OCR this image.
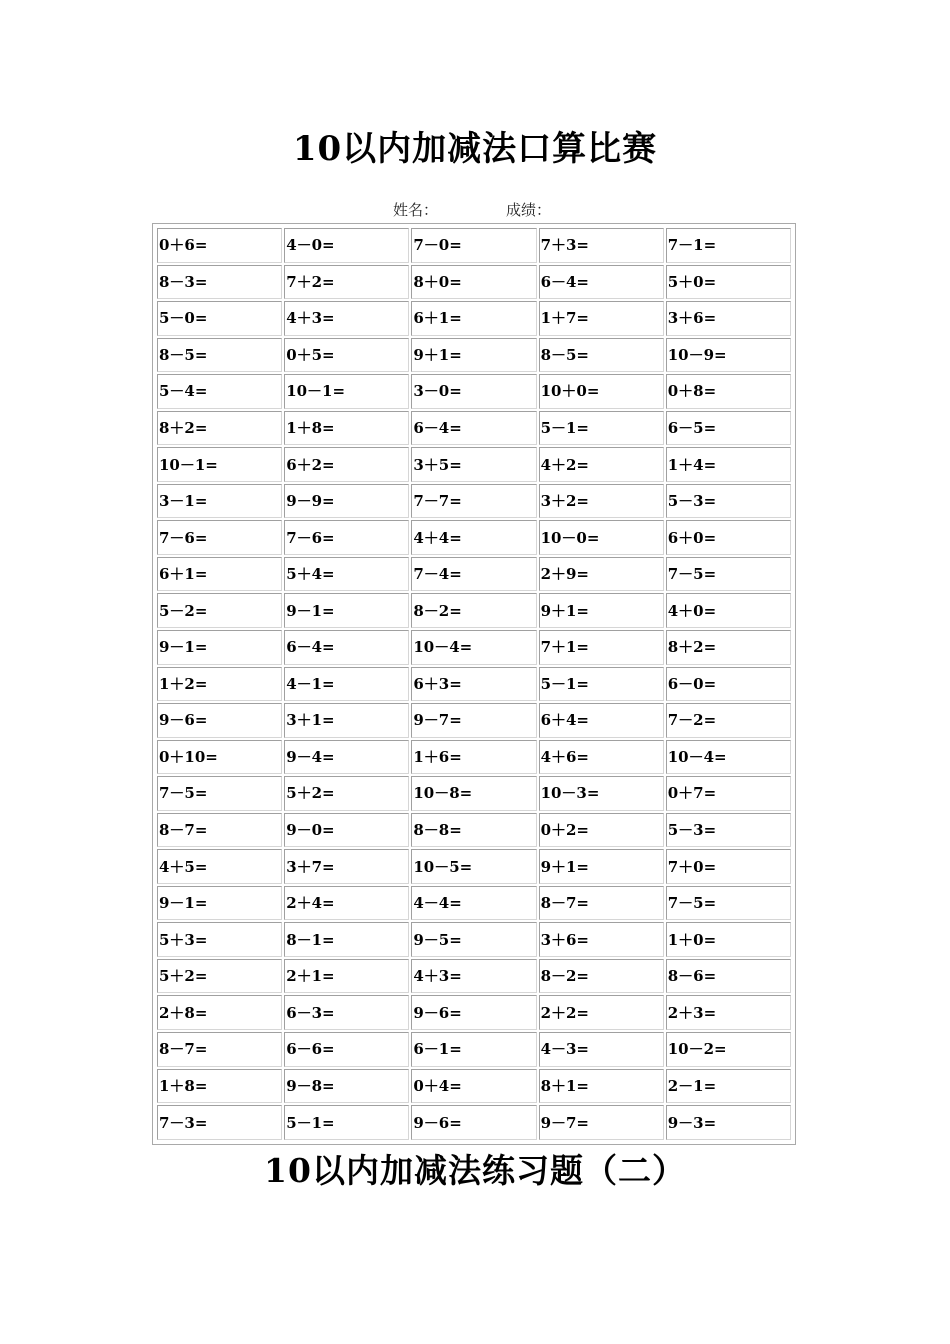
10以内加减法口算比赛
姓名：	成绩：
0＋6=	4－0=	7－0=	7＋3=	7－1=
8－3=	7＋2=	8＋0=	6－4=	5＋0=
5－0=	4＋3=	6＋1=	1＋7=	3＋6=
8－5=	0＋5=	9＋1=	8－5=	10－9=
5－4=	10－1=	3－0=	10＋0=	0＋8=
8＋2=	1＋8=	6－4=	5－1=	6－5=
10－1=	6＋2=	3＋5=	4＋2=	1＋4=
3－1=	9－9=	7－7=	3＋2=	5－3=
7－6=	7－6=	4＋4=	10－0=	6＋0=
6＋1=	5＋4=	7－4=	2＋9=	7－5=
5－2=	9－1=	8－2=	9＋1=	4＋0=
9－1=	6－4=	10－4=	7＋1=	8＋2=
1＋2=	4－1=	6＋3=	5－1=	6－0=
9－6=	3＋1=	9－7=	6＋4=	7－2=
0＋10=	9－4=	1＋6=	4＋6=	10－4=
7－5=	5＋2=	10－8=	10－3=	0＋7=
8－7=	9－0=	8－8=	0＋2=	5－3=
4＋5=	3＋7=	10－5=	9＋1=	7＋0=
9－1=	2＋4=	4－4=	8－7=	7－5=
5＋3=	8－1=	9－5=	3＋6=	1＋0=
5＋2=	2＋1=	4＋3=	8－2=	8－6=
2＋8=	6－3=	9－6=	2＋2=	2＋3=
8－7=	6－6=	6－1=	4－3=	10－2=
1＋8=	9－8=	0＋4=	8＋1=	2－1=
7－3=	5－1=	9－6=	9－7=	9－3=
10以内加减法练习题（二）
